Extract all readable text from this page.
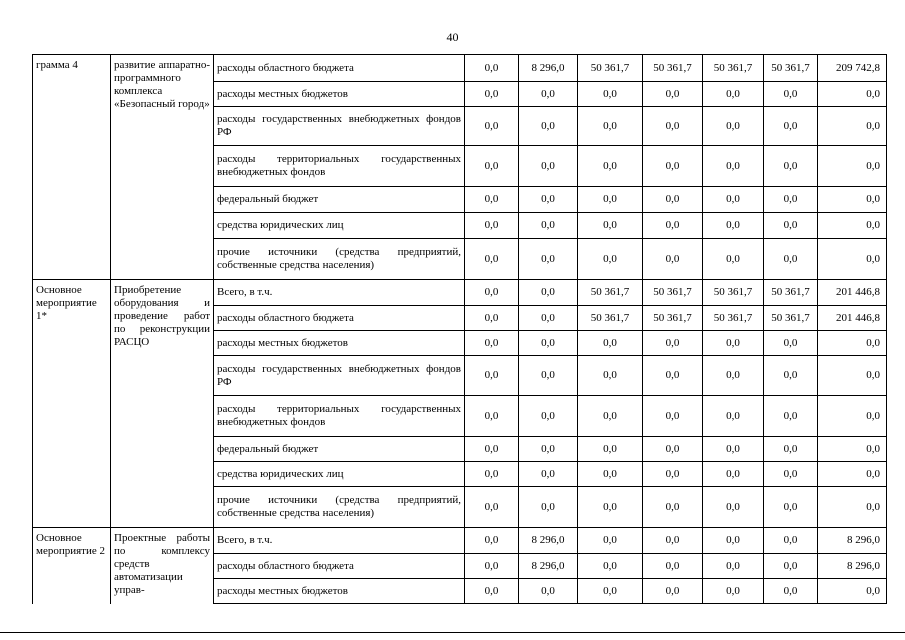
40
грамма 4	развитие аппаратно-программного комплекса «Безопасный город»	расходы областного бюджета	0,0	8 296,0	50 361,7	50 361,7	50 361,7	50 361,7	209 742,8
		расходы местных бюджетов	0,0	0,0	0,0	0,0	0,0	0,0	0,0
		расходы государственных внебюджетных фондов РФ	0,0	0,0	0,0	0,0	0,0	0,0	0,0
		расходы территориальных государственных внебюджетных фондов	0,0	0,0	0,0	0,0	0,0	0,0	0,0
		федеральный бюджет	0,0	0,0	0,0	0,0	0,0	0,0	0,0
		средства юридических лиц	0,0	0,0	0,0	0,0	0,0	0,0	0,0
		прочие источники (средства предприятий, собственные средства населения)	0,0	0,0	0,0	0,0	0,0	0,0	0,0
Основное мероприятие 1*	Приобретение оборудования и проведение работ по реконструкции РАСЦО	Всего, в т.ч.	0,0	0,0	50 361,7	50 361,7	50 361,7	50 361,7	201 446,8
		расходы областного бюджета	0,0	0,0	50 361,7	50 361,7	50 361,7	50 361,7	201 446,8
		расходы местных бюджетов	0,0	0,0	0,0	0,0	0,0	0,0	0,0
		расходы государственных внебюджетных фондов РФ	0,0	0,0	0,0	0,0	0,0	0,0	0,0
		расходы территориальных государственных внебюджетных фондов	0,0	0,0	0,0	0,0	0,0	0,0	0,0
		федеральный бюджет	0,0	0,0	0,0	0,0	0,0	0,0	0,0
		средства юридических лиц	0,0	0,0	0,0	0,0	0,0	0,0	0,0
		прочие источники (средства предприятий, собственные средства населения)	0,0	0,0	0,0	0,0	0,0	0,0	0,0
Основное мероприятие 2	Проектные работы по комплексу средств автоматизации управ-	Всего, в т.ч.	0,0	8 296,0	0,0	0,0	0,0	0,0	8 296,0
		расходы областного бюджета	0,0	8 296,0	0,0	0,0	0,0	0,0	8 296,0
		расходы местных бюджетов	0,0	0,0	0,0	0,0	0,0	0,0	0,0
